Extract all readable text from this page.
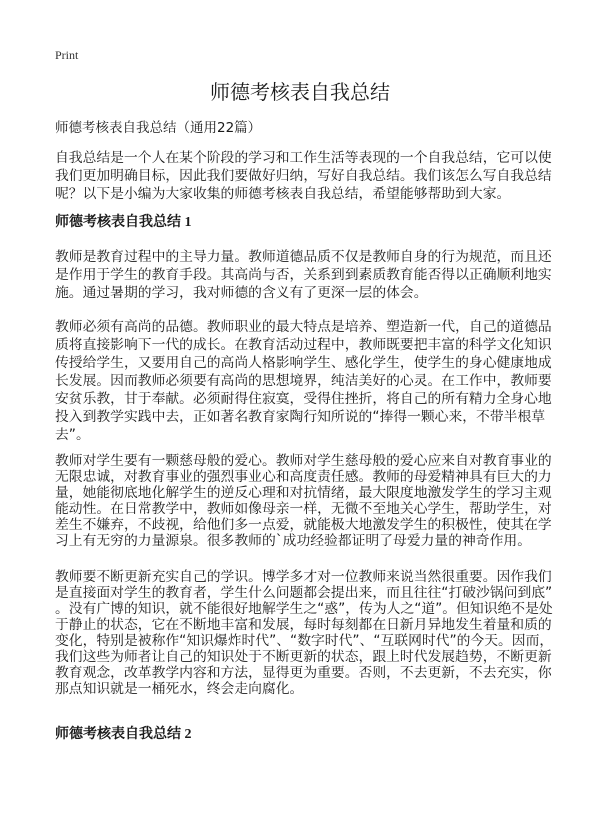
Print
师德考核表自我总结
师德考核表自我总结（通用22篇）
自我总结是一个人在某个阶段的学习和工作生活等表现的一个自我总结，它可以使
我们更加明确目标，因此我们要做好归纳，写好自我总结。我们该怎么写自我总结
呢？以下是小编为大家收集的师德考核表自我总结，希望能够帮助到大家。
师德考核表自我总结 1
教师是教育过程中的主导力量。教师道德品质不仅是教师自身的行为规范，而且还
是作用于学生的教育手段。其高尚与否，关系到到素质教育能否得以正确顺利地实
施。通过暑期的学习，我对师德的含义有了更深一层的体会。
教师必须有高尚的品德。教师职业的最大特点是培养、塑造新一代，自己的道德品
质将直接影响下一代的成长。在教育活动过程中，教师既要把丰富的科学文化知识
传授给学生，又要用自己的高尚人格影响学生、感化学生，使学生的身心健康地成
长发展。因而教师必须要有高尚的思想境界，纯洁美好的心灵。在工作中，教师要
安贫乐教，甘于奉献。必须耐得住寂寞，受得住挫折，将自己的所有精力全身心地
投入到教学实践中去，正如著名教育家陶行知所说的“捧得一颗心来，不带半根草
去”。
教师对学生要有一颗慈母般的爱心。教师对学生慈母般的爱心应来自对教育事业的
无限忠诚，对教育事业的强烈事业心和高度责任感。教师的母爱精神具有巨大的力
量，她能彻底地化解学生的逆反心理和对抗情绪，最大限度地激发学生的学习主观
能动性。在日常教学中，教师如像母亲一样，无微不至地关心学生，帮助学生，对
差生不嫌弃，不歧视，给他们多一点爱，就能极大地激发学生的积极性，使其在学
习上有无穷的力量源泉。很多教师的`成功经验都证明了母爱力量的神奇作用。
教师要不断更新充实自己的学识。博学多才对一位教师来说当然很重要。因作我们
是直接面对学生的教育者，学生什么问题都会提出来，而且往往“打破沙锅问到底”
。没有广博的知识，就不能很好地解学生之“惑”，传为人之“道”。但知识绝不是处
于静止的状态，它在不断地丰富和发展，每时每刻都在日新月异地发生着量和质的
变化，特别是被称作“知识爆炸时代”、“数字时代”、“互联网时代”的今天。因而，
我们这些为师者让自己的知识处于不断更新的状态，跟上时代发展趋势，不断更新
教育观念，改革教学内容和方法，显得更为重要。否则，不去更新，不去充实，你
那点知识就是一桶死水，终会走向腐化。
师德考核表自我总结 2
